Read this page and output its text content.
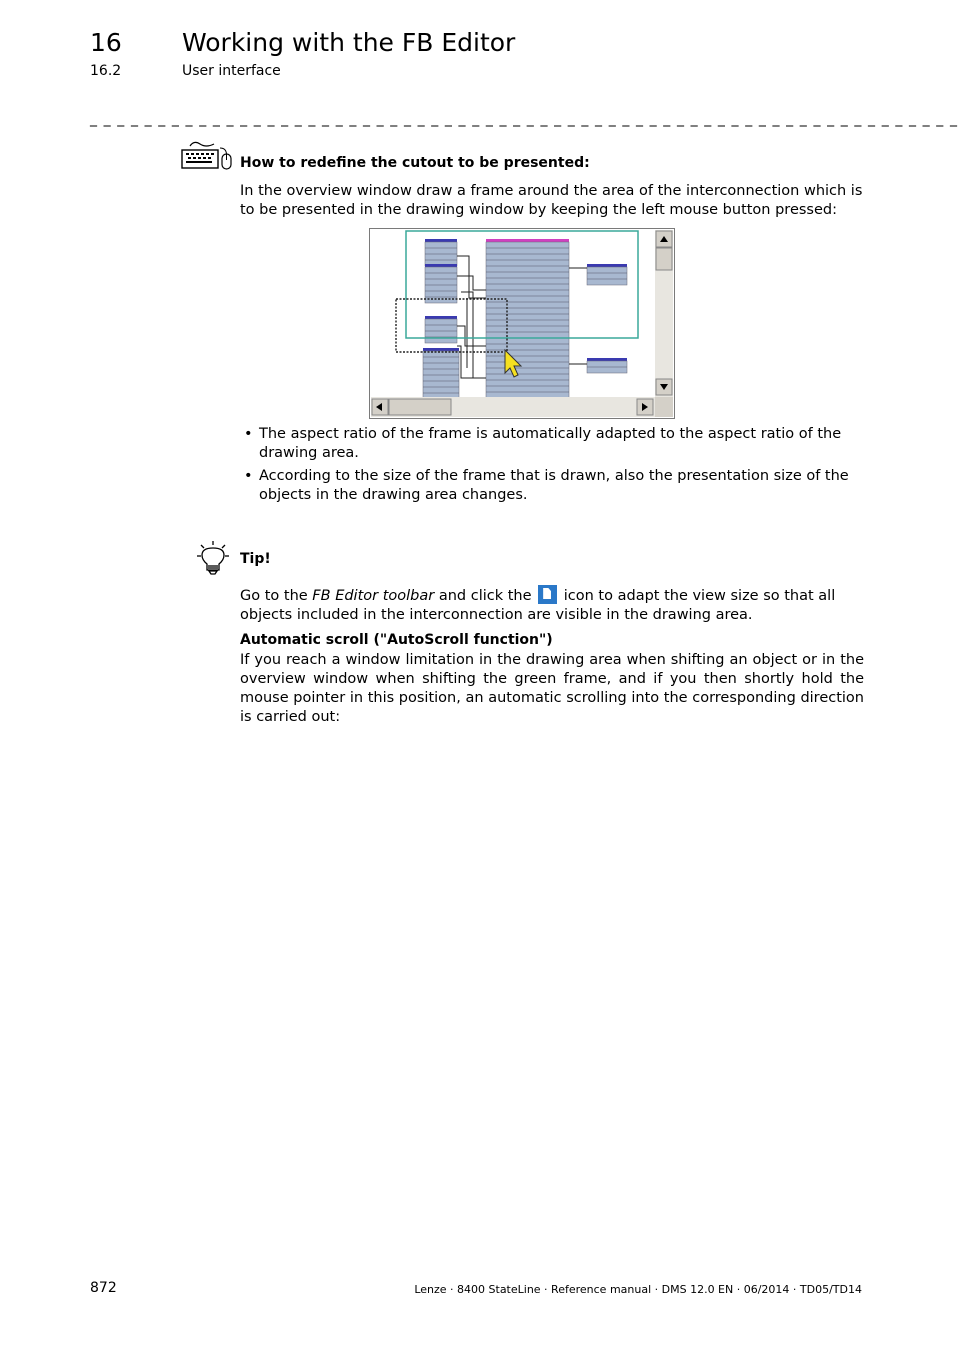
16 Working with the FB Editor
16.2	User interface
_ _ _ _ _ _ _ _ _ _ _ _ _ _ _ _ _ _ _ _ _ _ _ _ _ _ _ _ _ _ _ _ _ _ _ _ _ _ _ _ _ _ _ _ _ _ _ _ _ _ _ _ _ _ _ _ _ _ _ _ _ _ _ _
How to redefine the cutout to be presented:
In the overview window draw a frame around the area of the interconnection which is to be presented in the drawing window by keeping the left mouse button pressed:
• The aspect ratio of the frame is automatically adapted to the aspect ratio of the drawing area.
• According to the size of the frame that is drawn, also the presentation size of the objects in the drawing area changes.
Tip!
Go to the FB Editor toolbar and click the  icon to adapt the view size so that all objects included in the interconnection are visible in the drawing area.
Automatic scroll ("AutoScroll function")
If you reach a window limitation in the drawing area when shifting an object or in the overview window when shifting the green frame, and if you then shortly hold the mouse pointer in this position, an automatic scrolling into the corresponding direction is carried out:
872	Lenze · 8400 StateLine · Reference manual · DMS 12.0 EN · 06/2014 · TD05/TD14
